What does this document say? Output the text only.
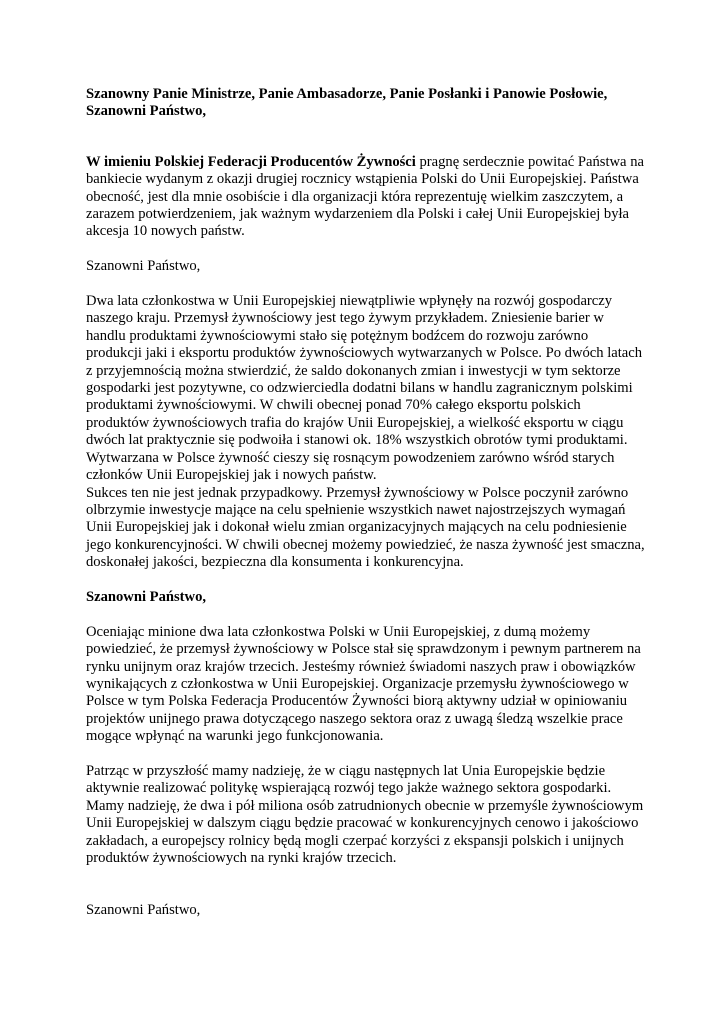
Szanowny Panie Ministrze, Panie Ambasadorze, Panie Posłanki i Panowie Posłowie,

Szanowni Państwo,

W imieniu Polskiej Federacji Producentów Żywności pragnę serdecznie powitać Państwa na bankiecie wydanym z okazji drugiej rocznicy wstąpienia Polski do Unii Europejskiej. Państwa obecność, jest dla mnie osobiście i dla organizacji która reprezentuję wielkim zaszczytem, a zarazem potwierdzeniem, jak ważnym wydarzeniem dla Polski i całej Unii Europejskiej była akcesja 10 nowych państw.

Szanowni Państwo,

Dwa lata członkostwa w Unii Europejskiej niewątpliwie wpłynęły na rozwój gospodarczy naszego kraju. Przemysł żywnościowy jest tego żywym przykładem. Zniesienie barier w handlu produktami żywnościowymi stało się potężnym bodźcem do rozwoju zarówno produkcji jaki i eksportu produktów żywnościowych wytwarzanych w Polsce. Po dwóch latach z przyjemnością można stwierdzić, że saldo dokonanych zmian i inwestycji w tym sektorze gospodarki jest pozytywne, co odzwierciedla dodatni bilans w handlu zagranicznym polskimi produktami żywnościowymi. W chwili obecnej ponad 70% całego eksportu polskich produktów żywnościowych trafia do krajów Unii Europejskiej, a wielkość eksportu w ciągu dwóch lat praktycznie się podwoiła i stanowi ok. 18% wszystkich obrotów tymi produktami. Wytwarzana w Polsce żywność cieszy się rosnącym powodzeniem zarówno wśród starych członków Unii Europejskiej jak i nowych państw.

Sukces ten nie jest jednak przypadkowy. Przemysł żywnościowy w Polsce poczynił zarówno olbrzymie inwestycje mające na celu spełnienie wszystkich nawet najostrzejszych wymagań Unii Europejskiej jak i dokonał wielu zmian organizacyjnych mających na celu podniesienie jego konkurencyjności. W chwili obecnej możemy powiedzieć, że nasza żywność jest smaczna, doskonałej jakości, bezpieczna dla konsumenta i konkurencyjna.

Szanowni Państwo,

Oceniając minione dwa lata członkostwa Polski w Unii Europejskiej, z dumą możemy powiedzieć, że przemysł żywnościowy w Polsce stał się sprawdzonym i pewnym partnerem na rynku unijnym oraz krajów trzecich. Jesteśmy również świadomi naszych praw i obowiązków wynikających z członkostwa w Unii Europejskiej. Organizacje przemysłu żywnościowego w Polsce w tym Polska Federacja Producentów Żywności biorą aktywny udział w opiniowaniu projektów unijnego prawa dotyczącego naszego sektora oraz z uwagą śledzą wszelkie prace mogące wpłynąć na warunki jego funkcjonowania.

Patrząc w przyszłość mamy nadzieję, że w ciągu następnych lat Unia Europejskie będzie aktywnie realizować politykę wspierającą rozwój tego jakże ważnego sektora gospodarki. Mamy nadzieję, że dwa i pół miliona osób zatrudnionych obecnie w przemyśle żywnościowym Unii Europejskiej w dalszym ciągu będzie pracować w konkurencyjnych cenowo i jakościowo zakładach, a europejscy rolnicy będą mogli czerpać korzyści z ekspansji polskich i unijnych produktów żywnościowych na rynki krajów trzecich.

Szanowni Państwo,
